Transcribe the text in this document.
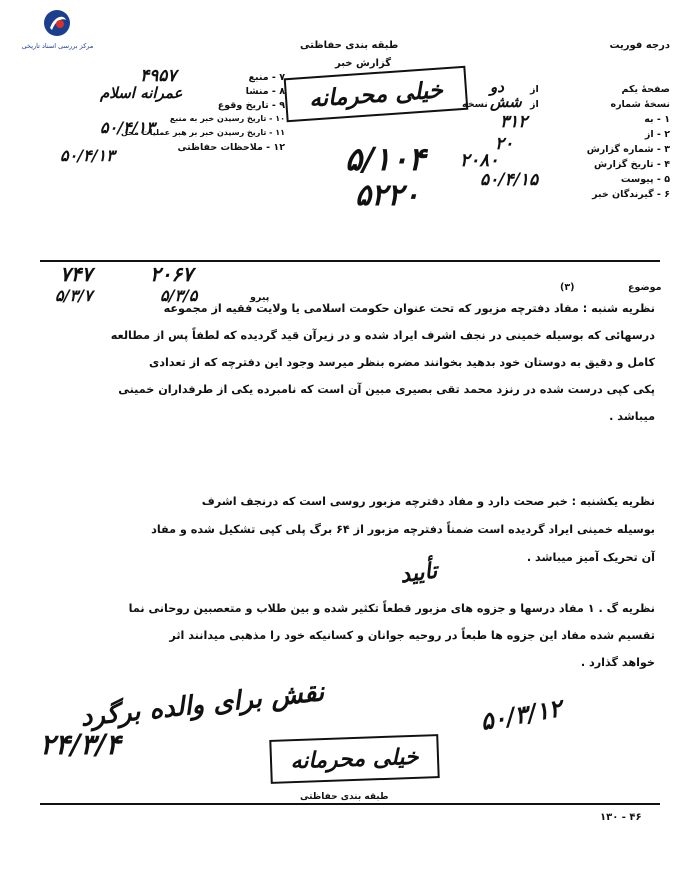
مرکز بررسی اسناد تاریخی	درجه فوریت
طبقه بندی حفاظتی
گزارش خبر
خیلی محرمانه
۷ - منبع
۸ - منشا
۹ - تاریخ وقوع
۱۰ - تاریخ رسیدن خبر به منبع
۱۱ - تاریخ رسیدن خبر بر هبر عملیات محل
۱۲ - ملاحظات حفاظتی
۴۹۵۷
عمرانه اسلام
۵۰/۴/۱۳
۵۰/۴/۱۳
صفحهٔ یکم
نسخهٔ شماره
۱ - به
۲ - از
۳ - شماره گزارش
۴ - تاریخ گزارش
۵ - پیوست
۶ - گیرندگان خبر
از
از
نسخه
دو
شش
۳۱۲
۲۰
۲۰۸۰
۵۰/۴/۱۵
۵/۱۰۴
۵۲۲۰
موضوع
(۳)
۷۴۷
۵/۳/۷
۲۰۶۷
۵/۳/۵	پیرو
نظریه شنبه : مفاد دفترچه مزبور که تحت عنوان حکومت اسلامی یا ولایت فقیه از مجموعه
درسهائی که بوسیله خمینی در نجف اشرف ایراد شده و در زیرآن قید گردیده که لطفاً پس از مطالعه
کامل و دقیق به دوستان خود بدهید بخوانند مضره بنظر میرسد وجود این دفترچه که از تعدادی
پکی کپی درست شده در رنزد محمد تقی بصیری مبین آن است که نامبرده یکی از طرفداران خمینی
میباشد .
نظریه یکشنبه : خبر صحت دارد و مفاد دفترچه مزبور روسی است که درنجف اشرف
بوسیله خمینی ایراد گردیده است ضمناً دفترچه مزبور از ۶۴ برگ پلی کپی تشکیل شده و مفاد
آن تحریک آمیز میباشد .
تأیید
نظریه گ . ۱ مفاد درسها و جزوه های مزبور قطعاً تکثیر شده و بین طلاب و متعصبین روحانی نما
تقسیم شده مفاد این جزوه ها طبعاً در روحیه جوانان و کسانیکه خود را مذهبی میدانند اثر
خواهد گذارد .
نقش برای والده برگرد
۲۴/۳/۴
۵۰/۳/۱۲
خیلی محرمانه
طبقه بندی حفاظتی
۱۳۰ - ۴۶
